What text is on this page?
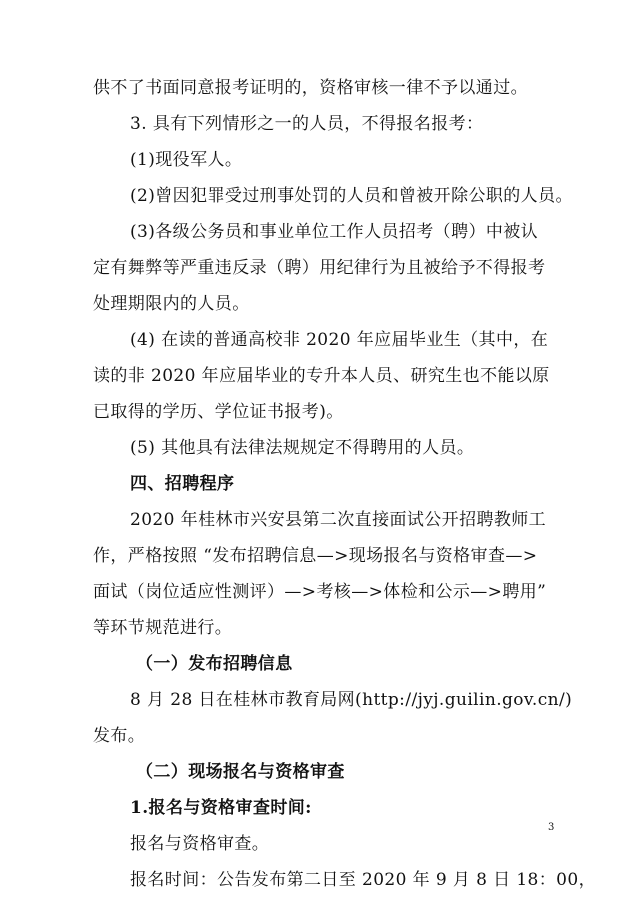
供不了书面同意报考证明的，资格审核一律不予以通过。
3. 具有下列情形之一的人员，不得报名报考：
(1)现役军人。
(2)曾因犯罪受过刑事处罚的人员和曾被开除公职的人员。
(3)各级公务员和事业单位工作人员招考（聘）中被认
定有舞弊等严重违反录（聘）用纪律行为且被给予不得报考
处理期限内的人员。
(4) 在读的普通高校非 2020 年应届毕业生（其中，在
读的非 2020 年应届毕业的专升本人员、研究生也不能以原
已取得的学历、学位证书报考)。
(5) 其他具有法律法规规定不得聘用的人员。
四、招聘程序
2020 年桂林市兴安县第二次直接面试公开招聘教师工
作，严格按照 “发布招聘信息—>现场报名与资格审查—>
面试（岗位适应性测评）—>考核—>体检和公示—>聘用”
等环节规范进行。
（一）发布招聘信息
8 月 28 日在桂林市教育局网(http://jyj.guilin.gov.cn/)
发布。
（二）现场报名与资格审查
1.报名与资格审查时间:
报名与资格审查。
报名时间：公告发布第二日至 2020 年 9 月 8 日 18：00，
3
